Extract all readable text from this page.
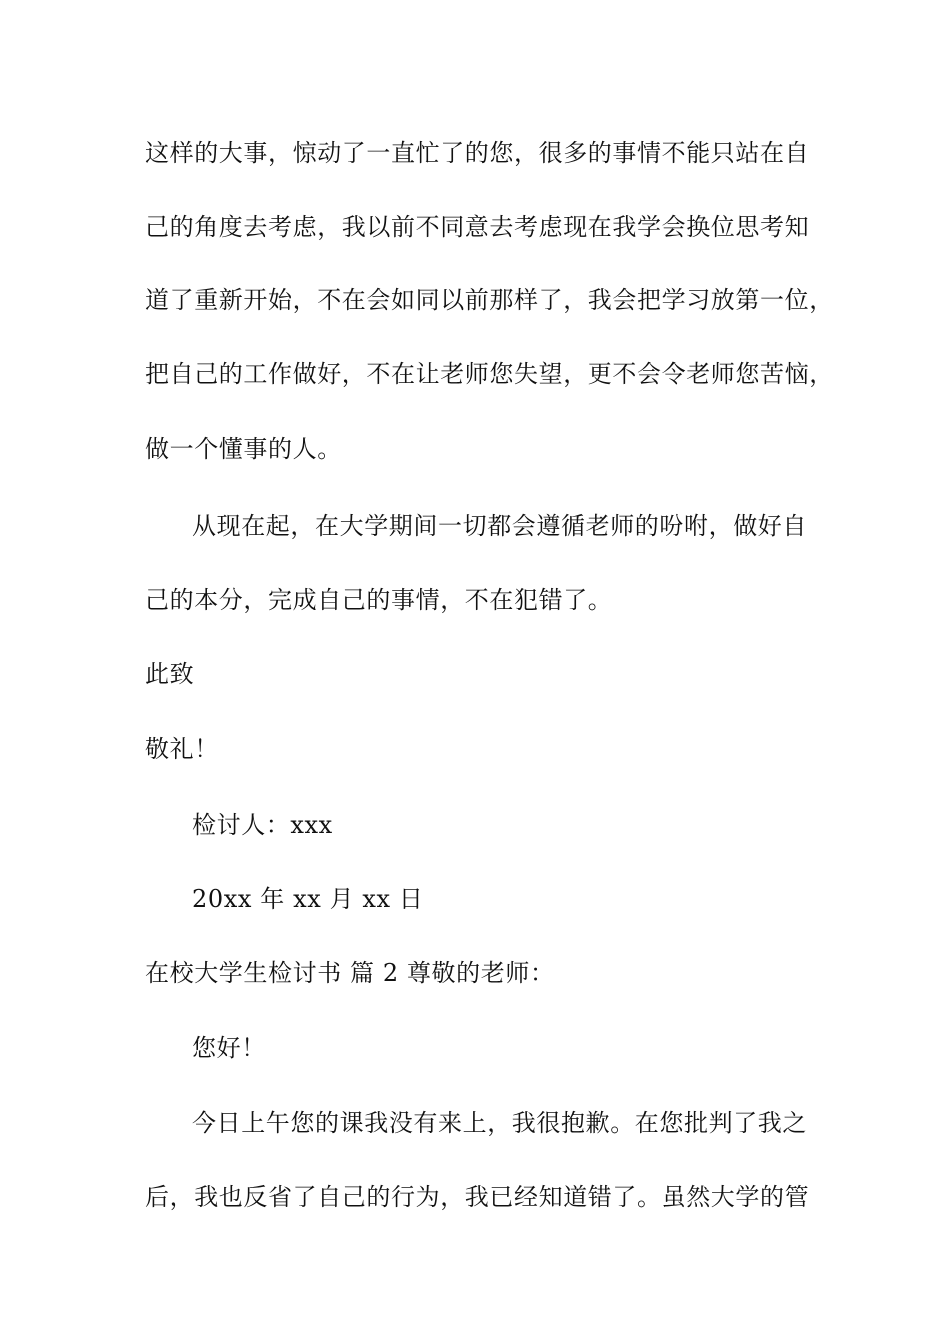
这样的大事，惊动了一直忙了的您，很多的事情不能只站在自
己的角度去考虑，我以前不同意去考虑现在我学会换位思考知
道了重新开始，不在会如同以前那样了，我会把学习放第一位，
把自己的工作做好，不在让老师您失望，更不会令老师您苦恼，
做一个懂事的人。
从现在起，在大学期间一切都会遵循老师的吩咐，做好自
己的本分，完成自己的事情，不在犯错了。
此致
敬礼！
检讨人：xxx
20xx 年 xx 月 xx 日
在校大学生检讨书 篇 2 尊敬的老师：
您好！
今日上午您的课我没有来上，我很抱歉。在您批判了我之
后，我也反省了自己的行为，我已经知道错了。虽然大学的管
